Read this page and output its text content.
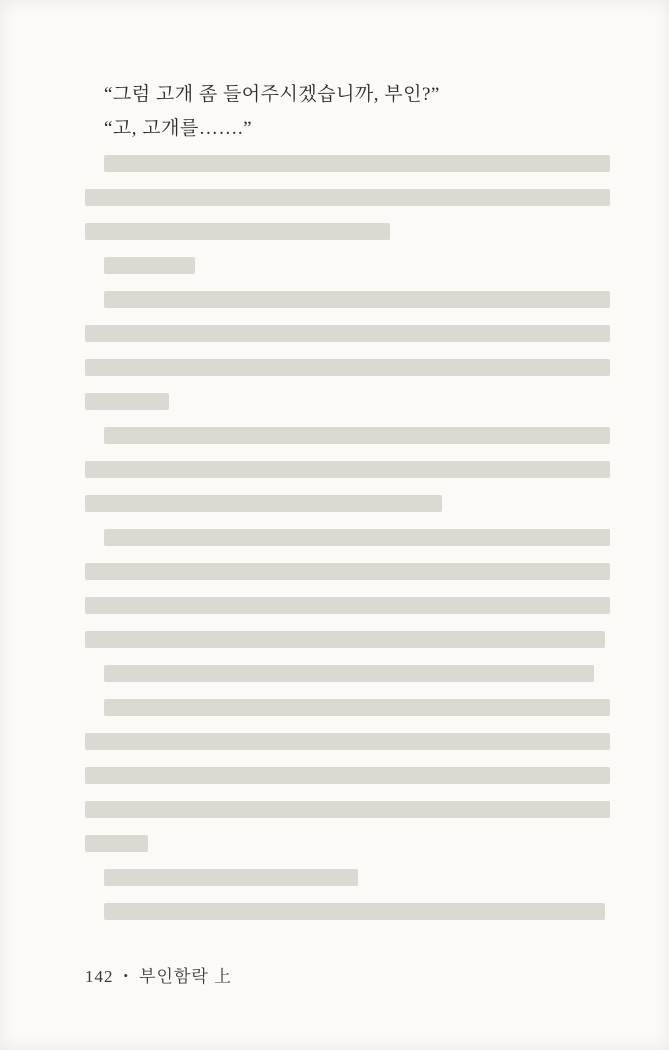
“그럼 고개 좀 들어주시겠습니까, 부인?”
“고, 고개를…….”
142 • 부인함락 上
